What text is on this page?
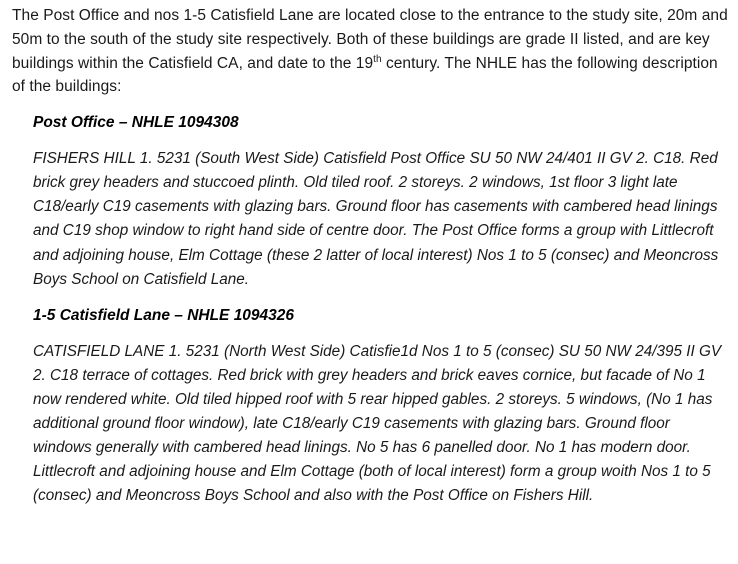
The Post Office and nos 1-5 Catisfield Lane are located close to the entrance to the study site, 20m and 50m to the south of the study site respectively. Both of these buildings are grade II listed, and are key buildings within the Catisfield CA, and date to the 19th century. The NHLE has the following description of the buildings:

Post Office – NHLE 1094308

FISHERS HILL 1. 5231 (South West Side) Catisfield Post Office SU 50 NW 24/401 II GV 2. C18. Red brick grey headers and stuccoed plinth. Old tiled roof. 2 storeys. 2 windows, 1st floor 3 light late C18/early C19 casements with glazing bars. Ground floor has casements with cambered head linings and C19 shop window to right hand side of centre door. The Post Office forms a group with Littlecroft and adjoining house, Elm Cottage (these 2 latter of local interest) Nos 1 to 5 (consec) and Meoncross Boys School on Catisfield Lane.

1-5 Catisfield Lane – NHLE 1094326

CATISFIELD LANE 1. 5231 (North West Side) Catisfie1d Nos 1 to 5 (consec) SU 50 NW 24/395 II GV 2. C18 terrace of cottages. Red brick with grey headers and brick eaves cornice, but facade of No 1 now rendered white. Old tiled hipped roof with 5 rear hipped gables. 2 storeys. 5 windows, (No 1 has additional ground floor window), late C18/early C19 casements with glazing bars. Ground floor windows generally with cambered head linings. No 5 has 6 panelled door. No 1 has modern door. Littlecroft and adjoining house and Elm Cottage (both of local interest) form a group woith Nos 1 to 5 (consec) and Meoncross Boys School and also with the Post Office on Fishers Hill.
